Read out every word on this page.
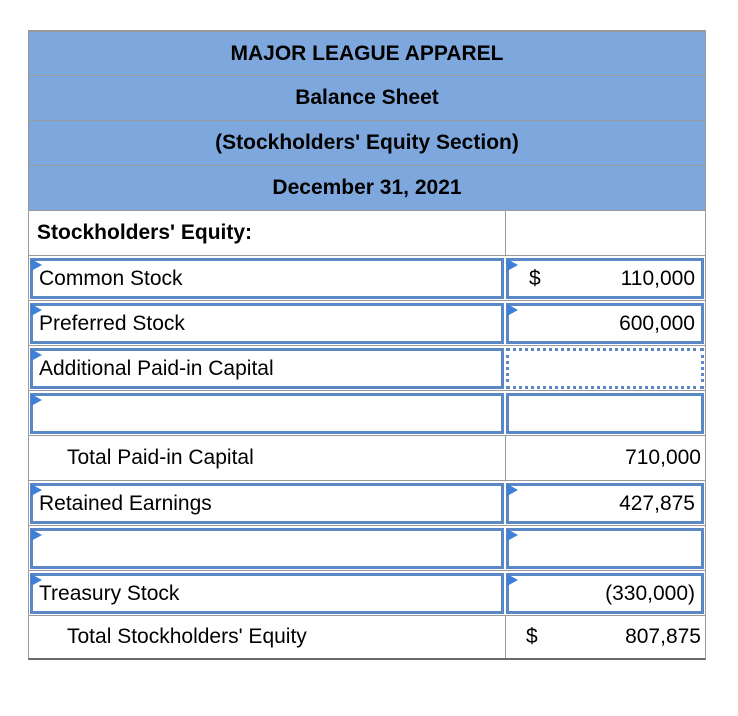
MAJOR LEAGUE APPAREL
Balance Sheet
(Stockholders' Equity Section)
December 31, 2021
Stockholders' Equity:
Common Stock	$	110,000
Preferred Stock	600,000
Additional Paid-in Capital
Total Paid-in Capital	710,000
Retained Earnings	427,875
Treasury Stock	(330,000)
Total Stockholders' Equity	$	807,875
